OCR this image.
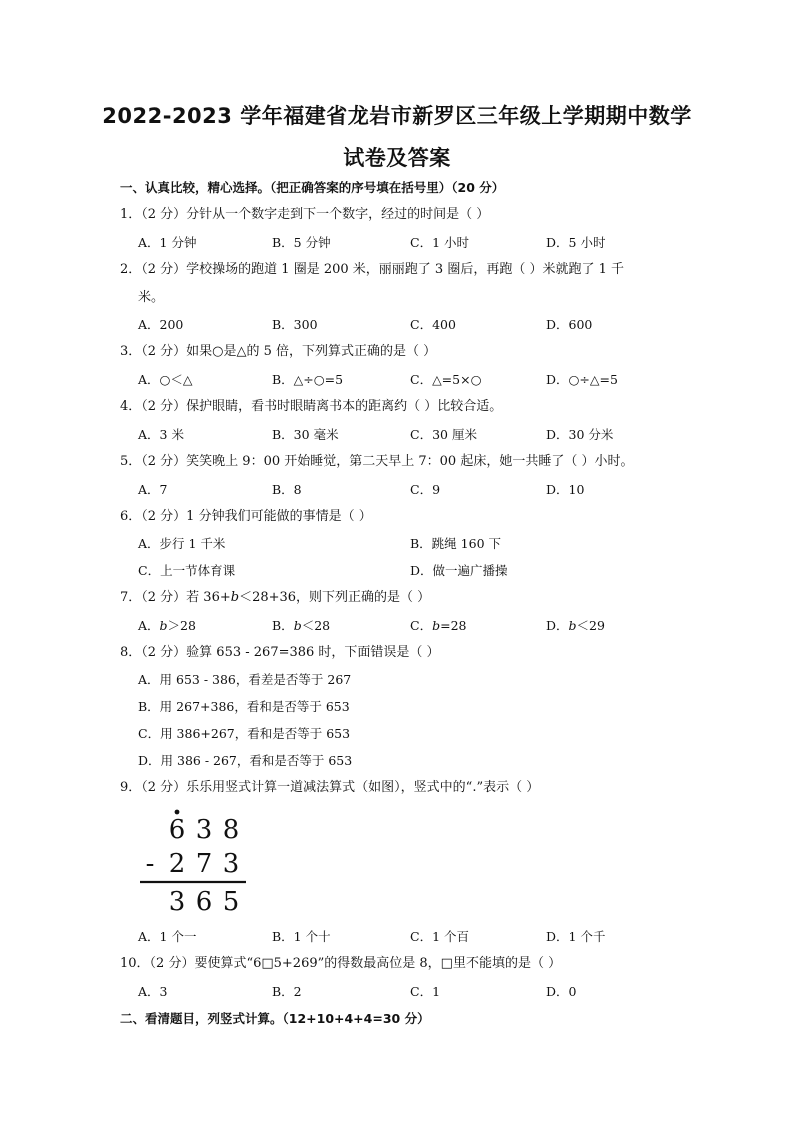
2022-2023 学年福建省龙岩市新罗区三年级上学期期中数学
试卷及答案
一、认真比较，精心选择。（把正确答案的序号填在括号里）（20 分）
1．（2 分）分针从一个数字走到下一个数字，经过的时间是（ ）
A．1 分钟	B．5 分钟	C．1 小时	D．5 小时
2．（2 分）学校操场的跑道 1 圈是 200 米，丽丽跑了 3 圈后，再跑（ ）米就跑了 1 千
米。
A．200	B．300	C．400	D．600
3．（2 分）如果○是△的 5 倍，下列算式正确的是（ ）
A．○＜△	B．△÷○=5	C．△=5×○	D．○÷△=5
4．（2 分）保护眼睛，看书时眼睛离书本的距离约（ ）比较合适。
A．3 米	B．30 毫米	C．30 厘米	D．30 分米
5．（2 分）笑笑晚上 9：00 开始睡觉，第二天早上 7：00 起床，她一共睡了（ ）小时。
A．7	B．8	C．9	D．10
6．（2 分）1 分钟我们可能做的事情是（ ）
A．步行 1 千米	B．跳绳 160 下
C．上一节体育课	D．做一遍广播操
7．（2 分）若 36+b＜28+36，则下列正确的是（ ）
A．b＞28	B．b＜28	C．b=28	D．b＜29
8．（2 分）验算 653 - 267=386 时，下面错误是（ ）
A．用 653 - 386，看差是否等于 267
B．用 267+386，看和是否等于 653
C．用 386+267，看和是否等于 653
D．用 386 - 267，看和是否等于 653
9．（2 分）乐乐用竖式计算一道减法算式（如图），竖式中的“.”表示（ ）
6 3 8
- 2 7 3
3 6 5
A．1 个一	B．1 个十	C．1 个百	D．1 个千
10．（2 分）要使算式“6□5+269”的得数最高位是 8，□里不能填的是（ ）
A．3	B．2	C．1	D．0
二、看清题目，列竖式计算。（12+10+4+4=30 分）
